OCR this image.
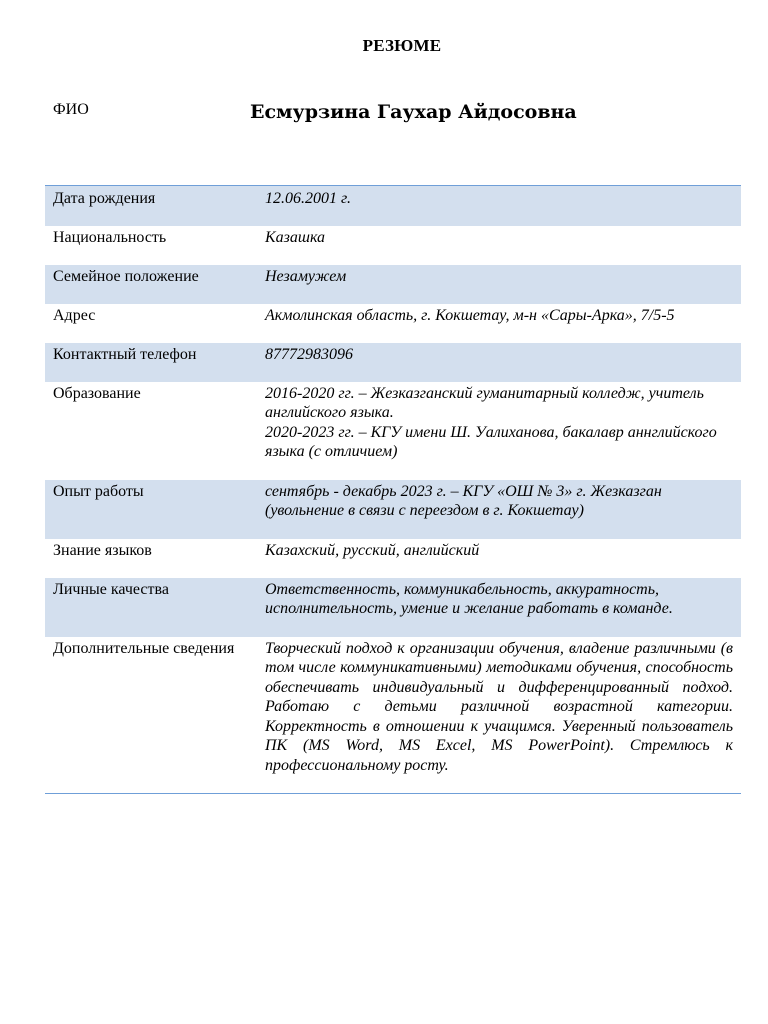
РЕЗЮМЕ
ФИО	Есмурзина Гаухар Айдосовна
Дата рождения	12.06.2001 г.

Национальность	Казашка

Семейное положение	Незамужем

Адрес	Акмолинская область, г. Кокшетау, м-н «Сары-Арка», 7/5-5

Контактный телефон	87772983096

Образование	2016-2020 гг. – Жезказганский гуманитарный колледж, учитель английского языка.
2020-2023 гг. – КГУ имени Ш. Уалиханова, бакалавр аннглийского языка (с отличием)

Опыт работы	сентябрь - декабрь 2023 г. – КГУ «ОШ № 3» г. Жезказган (увольнение в связи с переездом в г. Кокшетау)

Знание языков	Казахский, русский, английский

Личные качества	Ответственность, коммуникабельность, аккуратность, исполнительность, умение и желание работать в команде.

Дополнительные сведения	Творческий подход к организации обучения, владение различными (в том числе коммуникативными) методиками обучения, способность обеспечивать индивидуальный и дифференцированный подход. Работаю с детьми различной возрастной категории. Корректность в отношении к учащимся. Уверенный пользователь ПК (MS Word, MS Excel, MS PowerPoint). Стремлюсь к профессиональному росту.
